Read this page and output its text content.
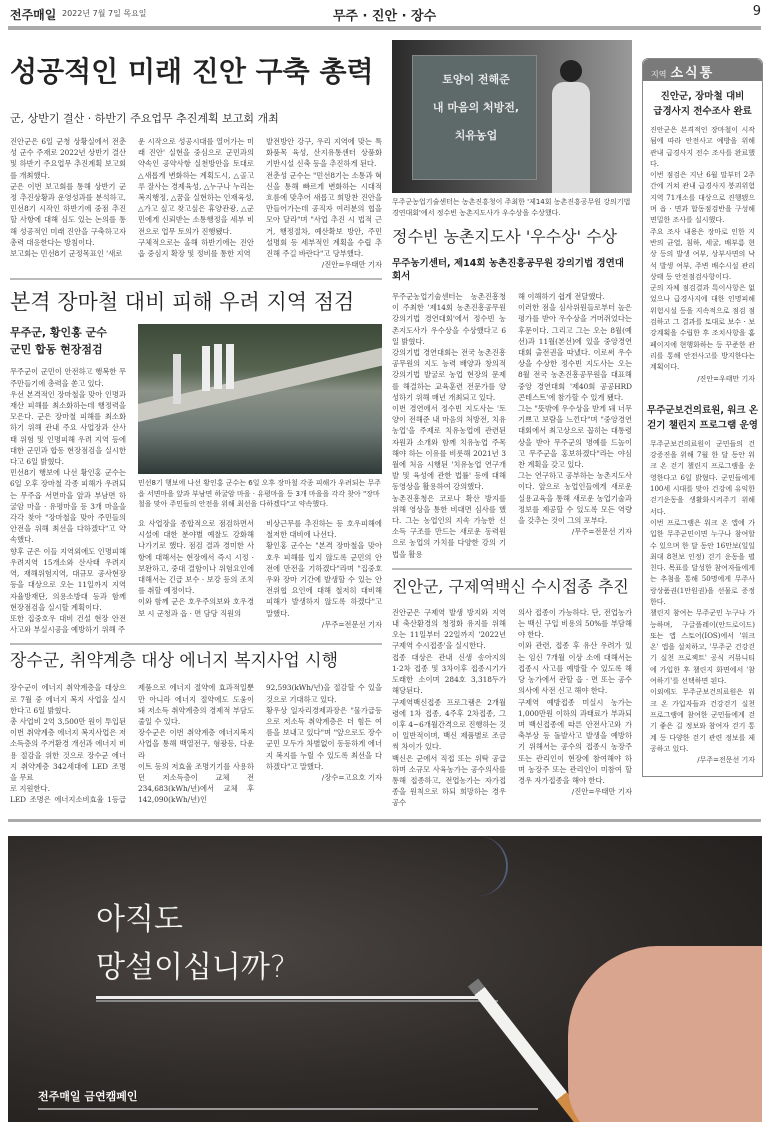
전주매일 2022년 7월 7일 목요일	무주 · 진안 · 장수	9
성공적인 미래 진안 구축 총력
군, 상반기 결산 · 하반기 주요업무 추진계획 보고회 개최
진안군은 6일 군청 상황실에서 전춘성 군수 주재로 2022년 상반기 결산 및 하반기 주요업무 추진계획 보고회를 개최했다.
군은 이번 보고회를 통해 상반기 군정 추진상황과 운영성과를 분석하고, 민선8기 시작인 하반기에 중점 추진할 사항에 대해 심도 있는 논의를 통해 성공적인 미래 진안을 구축하고자 총력 대응한다는 방침이다.
보고회는 민선8기 군정목표인 '새로
운 시작으로 성공시대를 열어가는 미래 진안' 실현을 중심으로 군민과의 약속인 공약사항 실천방안을 토대로 △새롭게 변화하는 계획도시, △골고루 잘사는 경제육성, △누구나 누리는 복지행정, △꿈을 실현하는 인재육성, △가고 싶고 찾고싶은 휴양관광, △군민에게 신뢰받는 소통행정을 세부 비전으로 업무 토의가 진행됐다.
구체적으로는 올해 하반기에는 진안읍 중심지 확장 및 정비를 통한 지역
발전방안 강구, 우리 지역에 맞는 특화품목 육성, 산지유통센터 상품화 기반시설 신축 등을 추진하게 된다.
전춘성 군수는 "민선8기는 소통과 혁신을 통해 빠르게 변화하는 시대적 흐름에 맞추어 새롭고 희망찬 진안을 만들어가는데 공직자 여러분의 협을 모아 달라"며 "사업 추진 시 법적 근거, 행정절차, 예산확보 방안, 주민 설명회 등 세부적인 계획을 수립 추진해 주길 바란다"고 당부했다.
/진안=우태만 기자
본격 장마철 대비 피해 우려 지역 점검
무주군, 황인홍 군수
군민 합동 현장점검
무주군이 군민이 안전하고 행복한 무주만들기에 총력을 쏟고 있다.
우선 본격적인 장마철을 맞아 인명과 재산 피해를 최소화하는데 행정력을 모은다. 군은 장마철 피해를 최소화하기 위해 관내 주요 사업장과 산사태 위험 및 인명피해 우려 지역 등에 대한 군민과 합동 현장점검을 실시한다고 6일 밝혔다.
민선8기 행보에 나선 황인홍 군수는 6일 오후 장마철 각종 피해가 우려되는 무주읍 서면마을 앞과 부남면 하굴암 마을 · 유평마을 등 3개 마을을 각각 찾아 "장마철을 맞아 주민들의 안전을 위해 최선을 다하겠다"고 약속했다.
향후 군은 이들 지역외에도 인명피해 우려지역 15개소와 산사태 우려지역, 재해위험지역, 대규모 공사현장 등을 대상으로 오는 11일까지 지역 자율방재단, 의용소방대 등과 함께 현장점검을 실시할 계획이다.
또한 집중호우 대비 건설 현장 안전사고와 부실시공을 예방하기 위해 주
민선8기 행보에 나선 황인홍 군수는 6일 오후 장마철 각종 피해가 우려되는 무주읍 서면마을 앞과 부남면 하굴암 마을 · 유평마을 등 3개 마을을 각각 찾아 "장마철을 맞아 주민들의 안전을 위해 최선을 다하겠다"고 약속했다.
요 사업장을 종합적으로 점검하면서 시설에 대한 분야별 예찰도 강화해 나가기로 했다. 점검 결과 경미한 사항에 대해서는 현장에서 즉시 시정 · 보완하고, 중대 결함이나 위험요인에 대해서는 긴급 보수 · 보강 등의 조치를 취할 예정이다.
이와 함께 군은 호우주의보와 호우경보 시 군청과 읍 · 면 담당 직원의
비상근무를 추진하는 등 호우피해에 철저한 대비에 나선다.
황인홍 군수는 "본격 장마철을 맞아 호우 피해를 입지 않도록 군민의 안전에 만전을 기하겠다"라며 "집중호우와 장마 기간에 발생할 수 있는 안전위협 요인에 대해 철저히 대비해 피해가 발생하지 않도록 하겠다"고 말했다.
/무주=전문선 기자
장수군, 취약계층 대상 에너지 복지사업 시행
장수군이 에너지 취약계층을 대상으로 7월 중 에너지 복지 사업을 실시한다고 6일 밝혔다.
총 사업비 2억 3,500만 원이 투입된 이번 취약계층 에너지 복지사업은 저소득층의 주거환경 개선과 에너지 비용 절감을 위한 것으로 장수군 에너지 취약계층 342세대에 LED 조명을 무료
로 지원한다.
LED 조명은 에너지소비효율 1등급 제품으로 에너지 절약에 효과적일뿐만 아니라 에너지 절약에도 도움이 돼 저소득 취약계층의 경제적 부담도 줄일 수 있다.
장수군은 이번 취약계층 에너지복지 사업을 통해 백열전구, 형광등, 다운라
이트 등의 저효율 조명기기를 사용하던 저소득층이 교체 전 234,683(kWh/년)에서 교체 후 142,090(kWh/년)인 92,593(kWh/년)을 절감할 수 있을 것으로 기대하고 있다.
황우상 일자리경제과장은 "물가급등으로 저소득 취약계층은 더 힘든 여름을 보내고 있다"며 "앞으로도 장수군민 모두가 차별없이 동등하게 에너지 복지를 누릴 수 있도록 최선을 다하겠다"고 말했다.
/장수=고요호 기자
토양이 전해준
내 마음의 처방전,
치유농업
무주군농업기술센터는 농촌진흥청이 주최한 '제14회 농촌진흥공무원 강의기법 경연대회'에서 정수빈 농촌지도사가 우수상을 수상했다.
정수빈 농촌지도사 '우수상' 수상
무주농기센터, 제14회 농촌진흥공무원 강의기법 경연대회서
무주군농업기술센터는 농촌진흥청이 주최한 '제14회 농촌진흥공무원 강의기법 경연대회'에서 정수빈 농촌지도사가 우수상을 수상했다고 6일 밝혔다.
강의기법 경연대회는 전국 농촌진흥공무원의 지도 능력 배양과 창의적 강의기법 발굴로 농업 현장의 문제를 해결하는 교육훈련 전문가를 양성하기 위해 매년 개최되고 있다.
이번 경연에서 정수빈 지도사는 '토양이 전해준 내 마음의 처방전, 치유농업'을 주제로 치유농업에 관련된 자원과 소개와 함께 치유농업 주목해야 하는 이유를 비롯해 2021년 3월에 처음 시행된 '치유농업 연구개발 및 육성에 관한 법률' 등에 대해 동영상을 활용하여 강의했다.
농촌진흥청은 코로나 확산 방지를 위해 영상을 통한 비대면 심사를 했다. 그는 농업인의 지속 가능한 신 소득 구조를 만드는 새로운 동력원으로 농업의 가치를 다양한 강의 기법을 활용
해 이해하기 쉽게 전달했다.
이러한 점을 심사위원들로부터 높은 평가를 받아 우수상을 거머쥐었다는 후문이다. 그리고 그는 오는 8월(예선)과 11월(본선)에 있을 중앙경연대회 출전권을 따냈다. 이로써 우수상을 수상한 정수빈 지도사는 오는 8월 전국 농촌진흥공무원을 대표해 중앙 경연대회 '제40회 공공HRD 콘테스트'에 참가할 수 있게 됐다.
그는 "뜻밖에 우수상을 받게 돼 너무 기쁘고 보람을 느낀다"며 "중앙경연대회에서 최고상으로 꼽히는 대통령상을 받아 무주군의 명예를 드높이고 무주군을 홍보하겠다"라는 야심찬 계획을 갖고 있다.
그는 연구하고 공부하는 농촌지도사이다. 앞으로 농업인들에게 새로운 실용교육을 통해 새로운 농업기술과 정보를 제공할 수 있도록 모든 역량을 갖추는 것이 그의 포부다.
/무주=전문선 기자
진안군, 구제역백신 수시접종 추진
진안군은 구제역 발생 방지와 지역 내 축산환경의 청정화 유지를 위해 오는 11일부터 22일까지 '2022년 구제역 수시접종'을 실시한다.
접종 대상은 관내 신생 송아지의 1·2차 접종 및 3차이후 접종시기가 도래한 소이며 284호 3,318두가 해당된다.
구제역백신접종 프로그램은 2개월령에 1차 접종, 4주후 2차접종, 그 이후 4~6개월간격으로 진행하는 것이 일반적이며, 백신 제품별로 조금씩 차이가 있다.
백신은 군에서 직접 또는 위탁 공급하며 소규모 사육농가는 공수의사를 통해 접종하고, 전업농가는 자가접종을 원칙으로 하되 희망하는 경우 공수
의사 접종이 가능하다. 단, 전업농가는 백신 구입 비용의 50%를 부담해야 한다.
이와 관련, 접종 후 유산 우려가 있는 임신 7개월 이상 소에 대해서는 접종시 사고를 예방할 수 있도록 해당 농가에서 관할 읍 · 면 또는 공수의사에 사전 신고 해야 한다.
구제역 예방접종 미실시 농가는 1,000만원 이하의 과태료가 부과되며 백신접종에 따른 안전사고와 가축부상 등 돌발사고 발생을 예방하기 위해서는 공수의 접종시 농장주 또는 관리인이 현장에 참여해야 하며 농장주 또는 관리인이 미참여 할 경우 자가접종을 해야 한다.
/진안=우태만 기자
지역 소식통
진안군, 장마철 대비
급경사지 전수조사 완료
진안군은 본격적인 장마철이 시작됨에 따라 안전사고 예방을 위해 관내 급경사지 전수 조사를 완료했다.
이번 점검은 지난 6월 말부터 2주간에 거쳐 관내 급경사지 붕괴위험지역 71개소를 대상으로 진행됐으며 읍 · 면과 합동점검반을 구성해 면밀한 조사를 실시했다.
주요 조사 내용은 장마로 인한 지반의 균열, 침하, 세굴, 배부름 현상 등의 발생 여부, 상부사면의 낙석 발생 여부, 주변 배수시설 관리상태 등 안전점검사항이다.
군의 자체 점검결과 특이사항은 없었으나 급경사지에 대한 인명피해 위험시설 등을 지속적으로 점검 점검하고 그 결과를 토대로 보수 · 보강계획을 수립한 후 조치사항을 홈페이지에 현행화하는 등 꾸준한 관리를 통해 안전사고를 방지한다는 계획이다.
/진안=우태만 기자
무주군보건의료원, 워크 온
걷기 챌린지 프로그램 운영
무주군보건의료원이 군민들의 건강증진을 위해 7월 한 달 동안 워크 온 걷기 챌린지 프로그램을 운영한다고 6일 밝혔다. 군민들에게 100세 시대를 맞아 건강에 유익한 걷기운동을 생활화시켜주기 위해서다.
이번 프로그램은 워크 온 앱에 가입한 무주군민이면 누구나 참여할 수 있으며 한 달 동안 16만보(일일 최대 8천보 인정) 걷기 운동을 펼친다. 목표를 달성한 참여자들에게는 추첨을 통해 50명에게 무주사랑상품권(1만원권)을 선물로 증정한다.
챌린지 참여는 무주군민 누구나 가능하며, 구글플레이(안드로이드) 또는 앱 스토어(IOS)에서 '워크 온' 앱을 설치하고, '무주군 건강걷기 실천 프로젝트' 공식 커뮤니티에 가입한 후 챌린지 화면에서 '참여하기'를 선택하면 된다.
이외에도 무주군보건의료원은 워크 온 가입자들과 건강걷기 실천 프로그램에 참여한 군민들에게 걷기 좋은 길 정보와 참여자 걷기 통계 등 다양한 걷기 관련 정보를 제공하고 있다.
/무주=전문선 기자
아직도
망설이십니까?
전주매일 금연캠페인
